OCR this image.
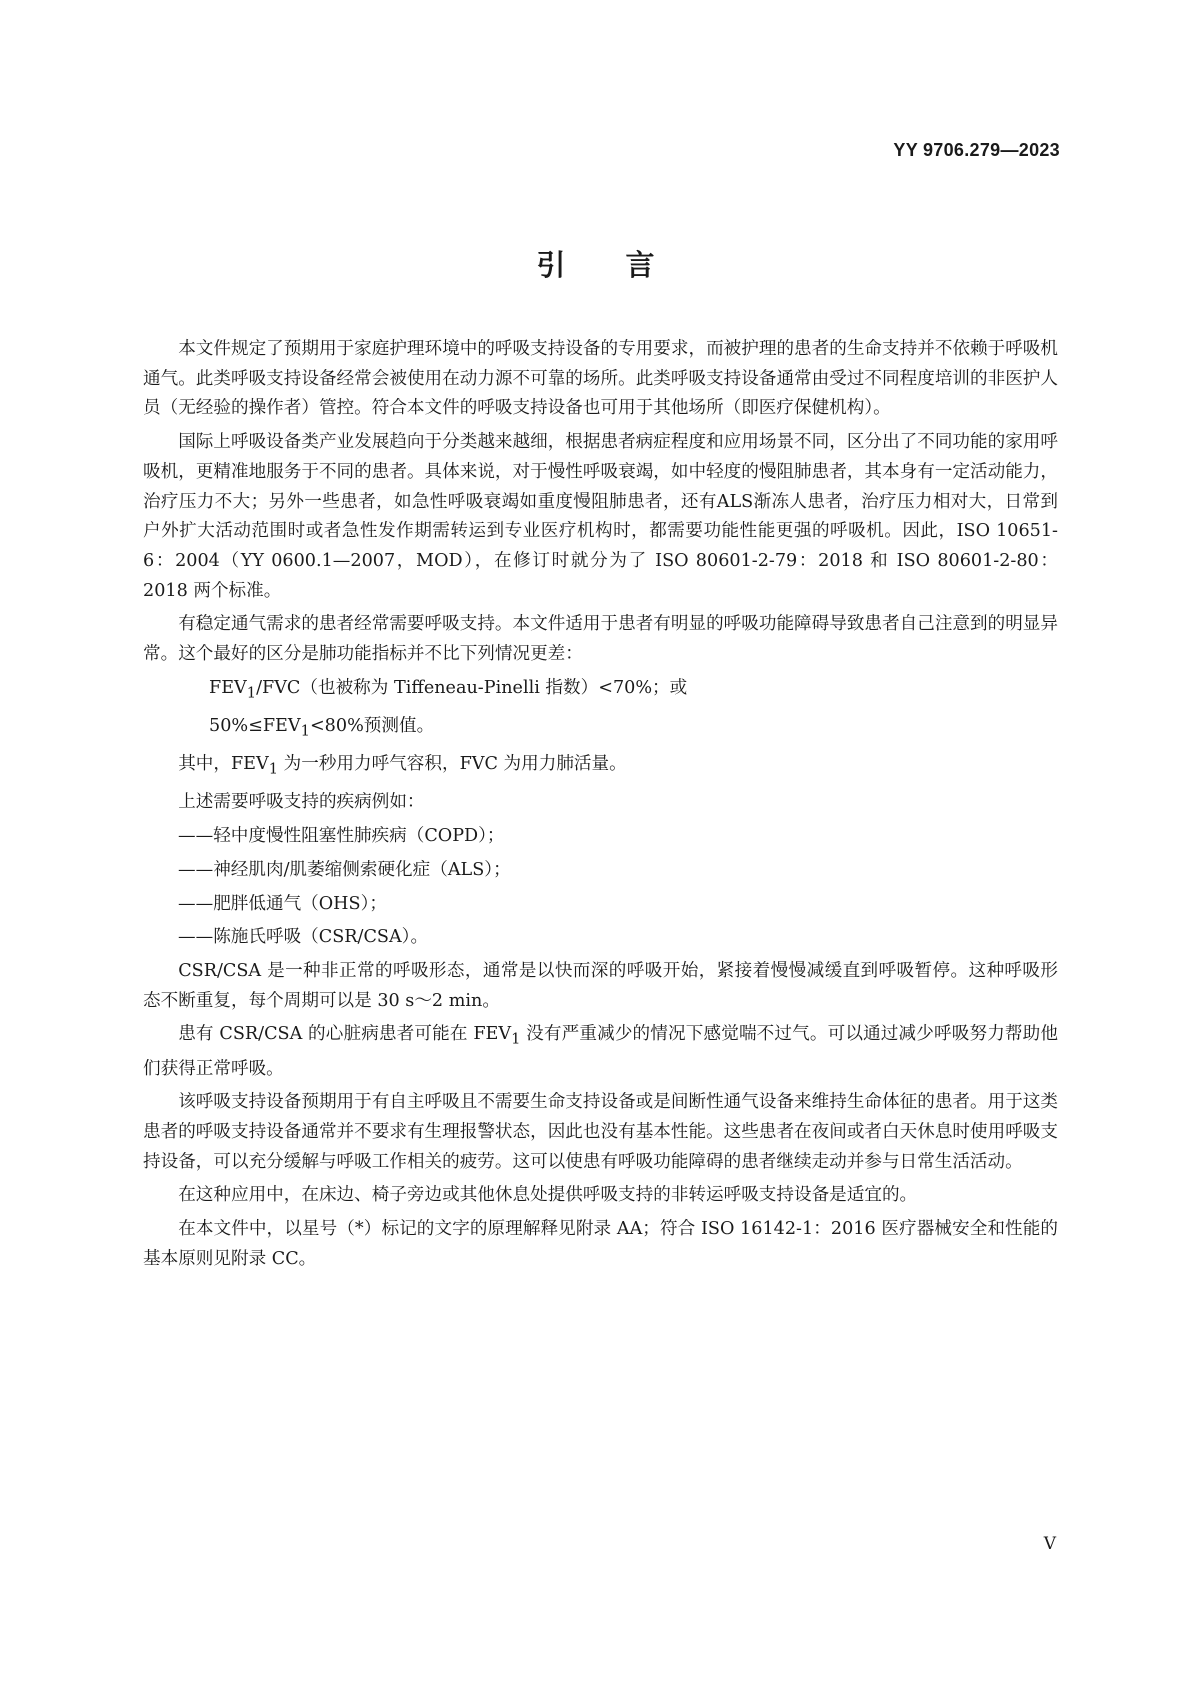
YY 9706.279—2023

引言

本文件规定了预期用于家庭护理环境中的呼吸支持设备的专用要求，而被护理的患者的生命支持并不依赖于呼吸机通气。此类呼吸支持设备经常会被使用在动力源不可靠的场所。此类呼吸支持设备通常由受过不同程度培训的非医护人员（无经验的操作者）管控。符合本文件的呼吸支持设备也可用于其他场所（即医疗保健机构）。

国际上呼吸设备类产业发展趋向于分类越来越细，根据患者病症程度和应用场景不同，区分出了不同功能的家用呼吸机，更精准地服务于不同的患者。具体来说，对于慢性呼吸衰竭，如中轻度的慢阻肺患者，其本身有一定活动能力，治疗压力不大；另外一些患者，如急性呼吸衰竭如重度慢阻肺患者，还有ALS渐冻人患者，治疗压力相对大，日常到户外扩大活动范围时或者急性发作期需转运到专业医疗机构时，都需要功能性能更强的呼吸机。因此，ISO 10651-6：2004（YY 0600.1—2007，MOD），在修订时就分为了 ISO 80601-2-79：2018 和 ISO 80601-2-80：2018 两个标准。

有稳定通气需求的患者经常需要呼吸支持。本文件适用于患者有明显的呼吸功能障碍导致患者自己注意到的明显异常。这个最好的区分是肺功能指标并不比下列情况更差：

$FEV_1/FVC$（也被称为 Tiffeneau-Pinelli 指数）<70%；或

$50\%\le FEV_1<80\%$预测值。

其中，$FEV_1$ 为一秒用力呼气容积，FVC 为用力肺活量。

上述需要呼吸支持的疾病例如：

——轻中度慢性阻塞性肺疾病（COPD）；

——神经肌肉/肌萎缩侧索硬化症（ALS）；

——肥胖低通气（OHS）；

——陈施氏呼吸（CSR/CSA）。

CSR/CSA 是一种非正常的呼吸形态，通常是以快而深的呼吸开始，紧接着慢慢减缓直到呼吸暂停。这种呼吸形态不断重复，每个周期可以是 30 s～2 min。

患有 CSR/CSA 的心脏病患者可能在 $FEV_1$ 没有严重减少的情况下感觉喘不过气。可以通过减少呼吸努力帮助他们获得正常呼吸。

该呼吸支持设备预期用于有自主呼吸且不需要生命支持设备或是间断性通气设备来维持生命体征的患者。用于这类患者的呼吸支持设备通常并不要求有生理报警状态，因此也没有基本性能。这些患者在夜间或者白天休息时使用呼吸支持设备，可以充分缓解与呼吸工作相关的疲劳。这可以使患有呼吸功能障碍的患者继续走动并参与日常生活活动。

在这种应用中，在床边、椅子旁边或其他休息处提供呼吸支持的非转运呼吸支持设备是适宜的。

在本文件中，以星号（*）标记的文字的原理解释见附录 AA；符合 ISO 16142-1：2016 医疗器械安全和性能的基本原则见附录 CC。

V
